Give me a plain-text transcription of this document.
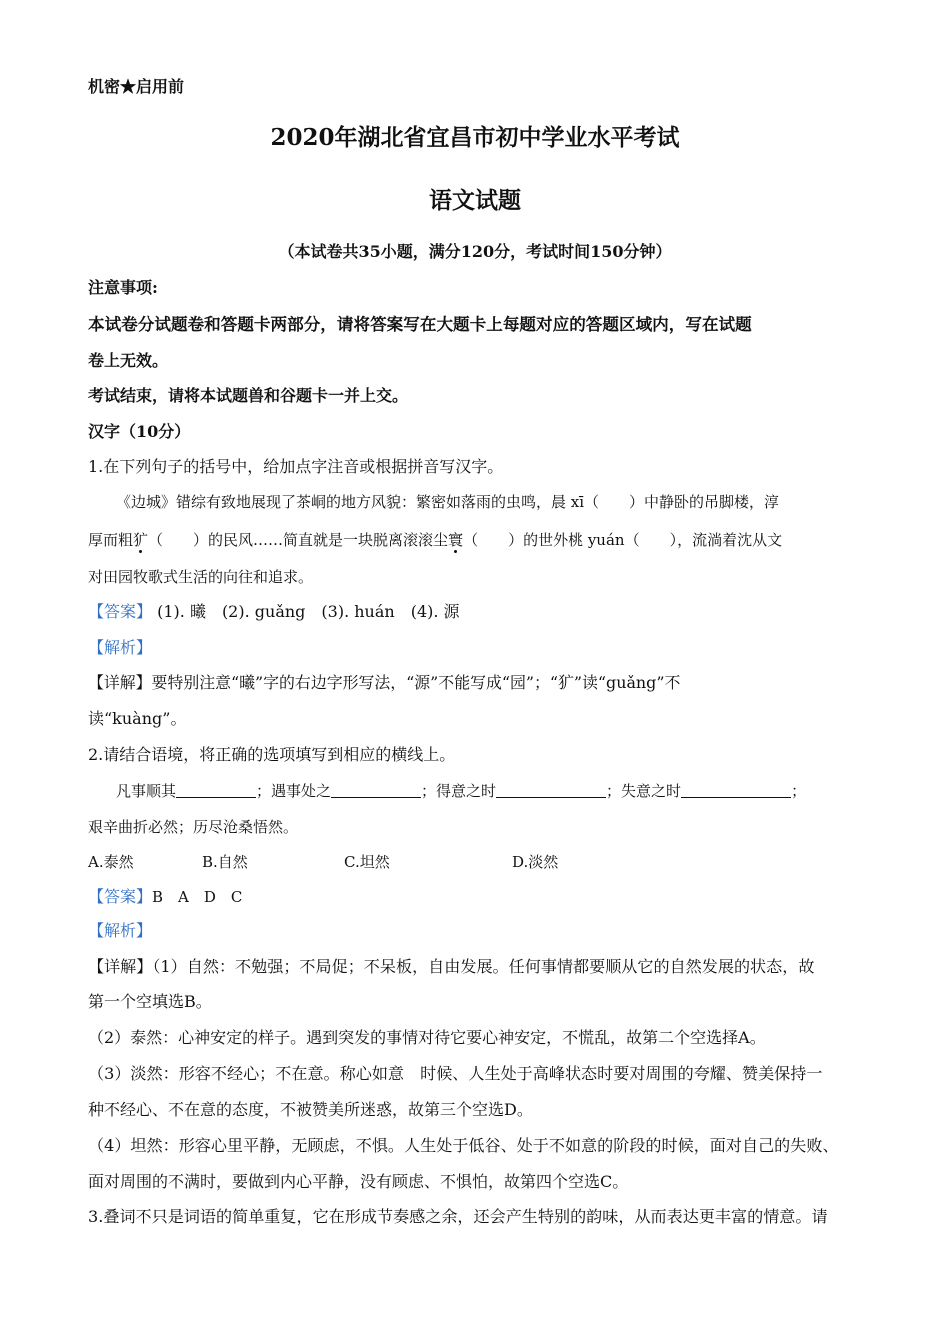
机密★启用前
2020年湖北省宜昌市初中学业水平考试
语文试题
（本试卷共35小题，满分120分，考试时间150分钟）
注意事项:
本试卷分试题卷和答题卡两部分，请将答案写在大题卡上每题对应的答题区域内，写在试题
卷上无效。
考试结束，请将本试题兽和谷题卡一并上交。
汉字（10分）
1.在下列句子的括号中，给加点字注音或根据拼音写汉字。
《边城》错综有致地展现了茶峒的地方风貌：繁密如落雨的虫鸣，晨 xī（　　）中静卧的吊脚楼，淳
厚而粗犷（　　）的民风……简直就是一块脱离滚滚尘寰（　　）的世外桃 yuán（　　），流淌着沈从文
对田园牧歌式生活的向往和追求。
【答案】 (1). 曦　(2). guǎng　(3). huán　(4). 源
【解析】
【详解】要特别注意“曦”字的右边字形写法，“源”不能写成“园”；“犷”读“guǎng”不
读“kuàng”。
2.请结合语境，将正确的选项填写到相应的横线上。
凡事顺其	；遇事处之	；得意之时	；失意之时	；
艰辛曲折必然；历尽沧桑悟然。
A.泰然	B.自然	C.坦然	D.淡然
【答案】B　A　D　C
【解析】
【详解】（1）自然：不勉强；不局促；不呆板，自由发展。任何事情都要顺从它的自然发展的状态，故
第一个空填选B。
（2）泰然：心神安定的样子。遇到突发的事情对待它要心神安定，不慌乱，故第二个空选择A。
（3）淡然：形容不经心；不在意。称心如意　时候、人生处于高峰状态时要对周围的夸耀、赞美保持一
种不经心、不在意的态度，不被赞美所迷惑，故第三个空选D。
（4）坦然：形容心里平静，无顾虑，不惧。人生处于低谷、处于不如意的阶段的时候，面对自己的失败、
面对周围的不满时，要做到内心平静，没有顾虑、不惧怕，故第四个空选C。
3.叠词不只是词语的简单重复，它在形成节奏感之余，还会产生特别的韵味，从而表达更丰富的情意。请
